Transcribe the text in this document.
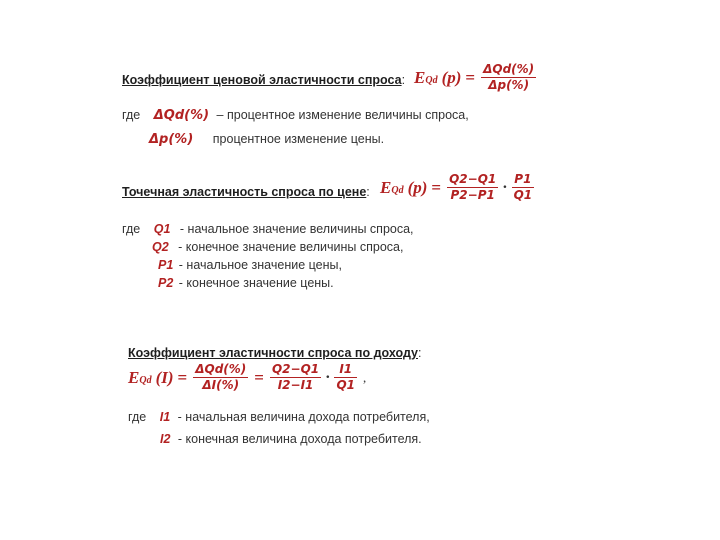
Коэффициент ценовой эластичности спроса: E Qd $(p) = \frac{\text{ΔQd(\%)}}{\Delta p(\%)}$
где ΔQd(%) – процентное изменение величины спроса,
Δp(%) процентное изменение цены.
Точечная эластичность спроса по цене: E Qd $(p) = \frac{Q2-Q1}{P2-P1} \cdot \frac{P1}{Q1}$
где Q1 - начальное значение величины спроса,
Q2 - конечное значение величины спроса,
P1 - начальное значение цены,
P2 - конечное значение цены.
Коэффициент эластичности спроса по доходу:
E Qd $(I) = \frac{\text{ΔQd(\%)}}{\Delta I(\%)} = \frac{Q2-Q1}{I2-I1} \cdot \frac{I1}{Q1}$ ,
где I1 - начальная величина дохода потребителя,
I2 - конечная величина дохода потребителя.
